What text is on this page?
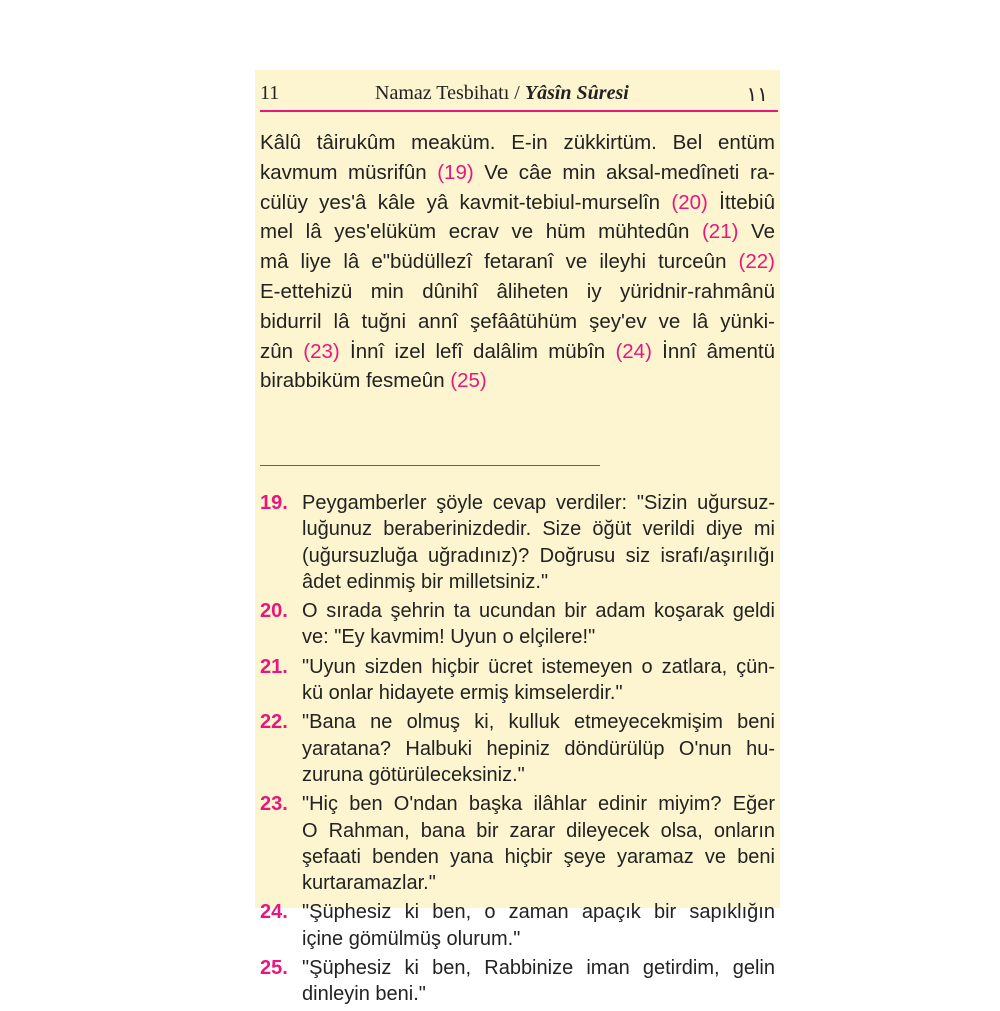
11	Namaz Tesbihatı / Yâsîn Sûresi	١١
Kâlû tâirukûm meaküm. E-in zükkirtüm. Bel entüm
kavmum müsrifûn (19) Ve câe min aksal-medîneti ra-
cülüy yes'â kâle yâ kavmit-tebiul-murselîn (20) İttebiû
mel lâ yes'elüküm ecrav ve hüm mühtedûn (21) Ve
mâ liye lâ e"büdüllezî fetaranî ve ileyhi turceûn (22)
E-ettehizü min dûnihî âliheten iy yüridnir-rahmânü
bidurril lâ tuğni annî şefââtühüm şey'ev ve lâ yünki-
zûn (23) İnnî izel lefî dalâlim mübîn (24) İnnî âmentü
birabbiküm fesmeûn (25)
19. Peygamberler şöyle cevap verdiler: "Sizin uğursuz-
luğunuz beraberinizdedir. Size öğüt verildi diye mi
(uğursuzluğa uğradınız)? Doğrusu siz israfı/aşırılığı
âdet edinmiş bir milletsiniz."
20. O sırada şehrin ta ucundan bir adam koşarak geldi
ve: "Ey kavmim! Uyun o elçilere!"
21. "Uyun sizden hiçbir ücret istemeyen o zatlara, çün-
kü onlar hidayete ermiş kimselerdir."
22. "Bana ne olmuş ki, kulluk etmeyecekmişim beni
yaratana? Halbuki hepiniz döndürülüp O'nun hu-
zuruna götürüleceksiniz."
23. "Hiç ben O'ndan başka ilâhlar edinir miyim? Eğer
O Rahman, bana bir zarar dileyecek olsa, onların
şefaati benden yana hiçbir şeye yaramaz ve beni
kurtaramazlar."
24. "Şüphesiz ki ben, o zaman apaçık bir sapıklığın
içine gömülmüş olurum."
25. "Şüphesiz ki ben, Rabbinize iman getirdim, gelin
dinleyin beni."
